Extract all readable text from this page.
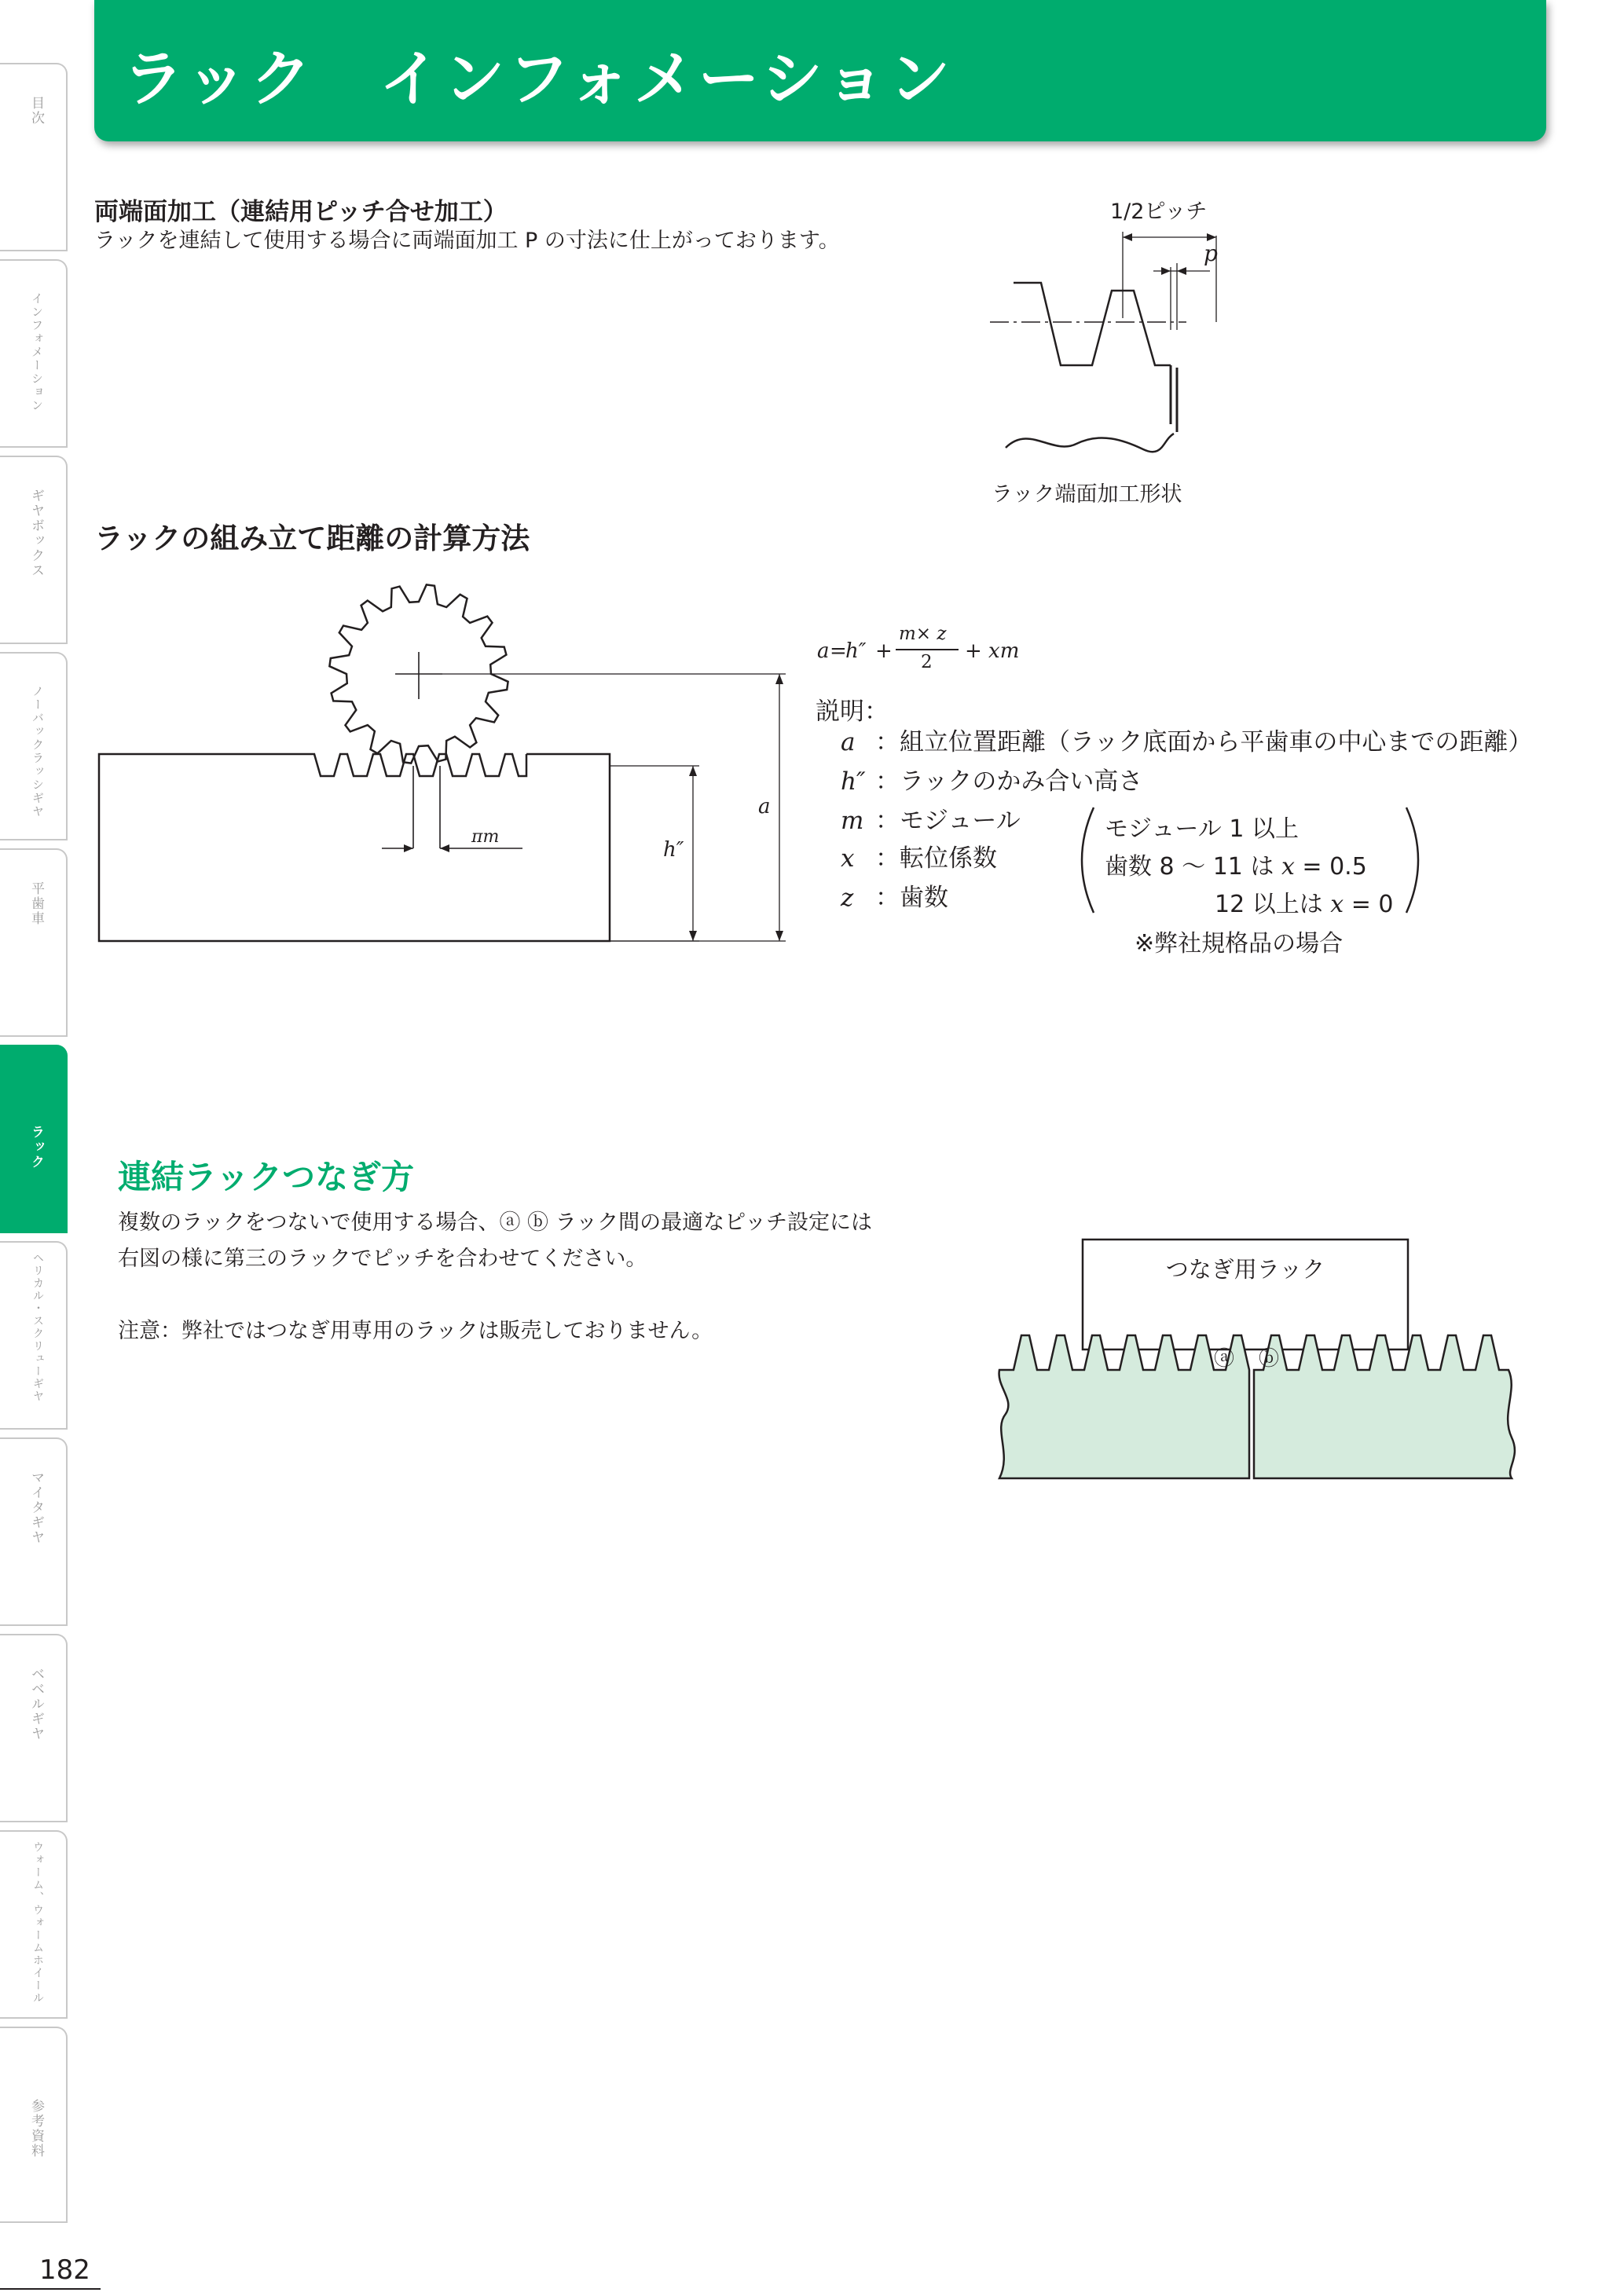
目次
インフォメーション
ギヤボックス
ノーバックラッシギヤ
平歯車
ラック
ヘリカル・スクリューギヤ
マイタギヤ
ベベルギヤ
ウォーム、ウォームホイール
参考資料
ラック　インフォメーション
両端面加工（連結用ピッチ合せ加工）
ラックを連結して使用する場合に両端面加工 P の寸法に仕上がっております。
1/2ピッチ
p
ラック端面加工形状
ラックの組み立て距離の計算方法
πm
h″
a
a =
h″ +
m× z
2 + xm
説明：
a ：組立位置距離（ラック底面から平歯車の中心までの距離）
h″ ：ラックのかみ合い高さ
m ：モジュール
x ：転位係数
z ：歯数
モジュール 1 以上
歯数 8 〜 11 は x = 0.5
12 以上は x = 0
※弊社規格品の場合
連結ラックつなぎ方
複数のラックをつないで使用する場合、ⓐ ⓑ ラック間の最適なピッチ設定には
右図の様に第三のラックでピッチを合わせてください。
注意：弊社ではつなぎ用専用のラックは販売しておりません。
つなぎ用ラック
ⓐ ⓑ
182
